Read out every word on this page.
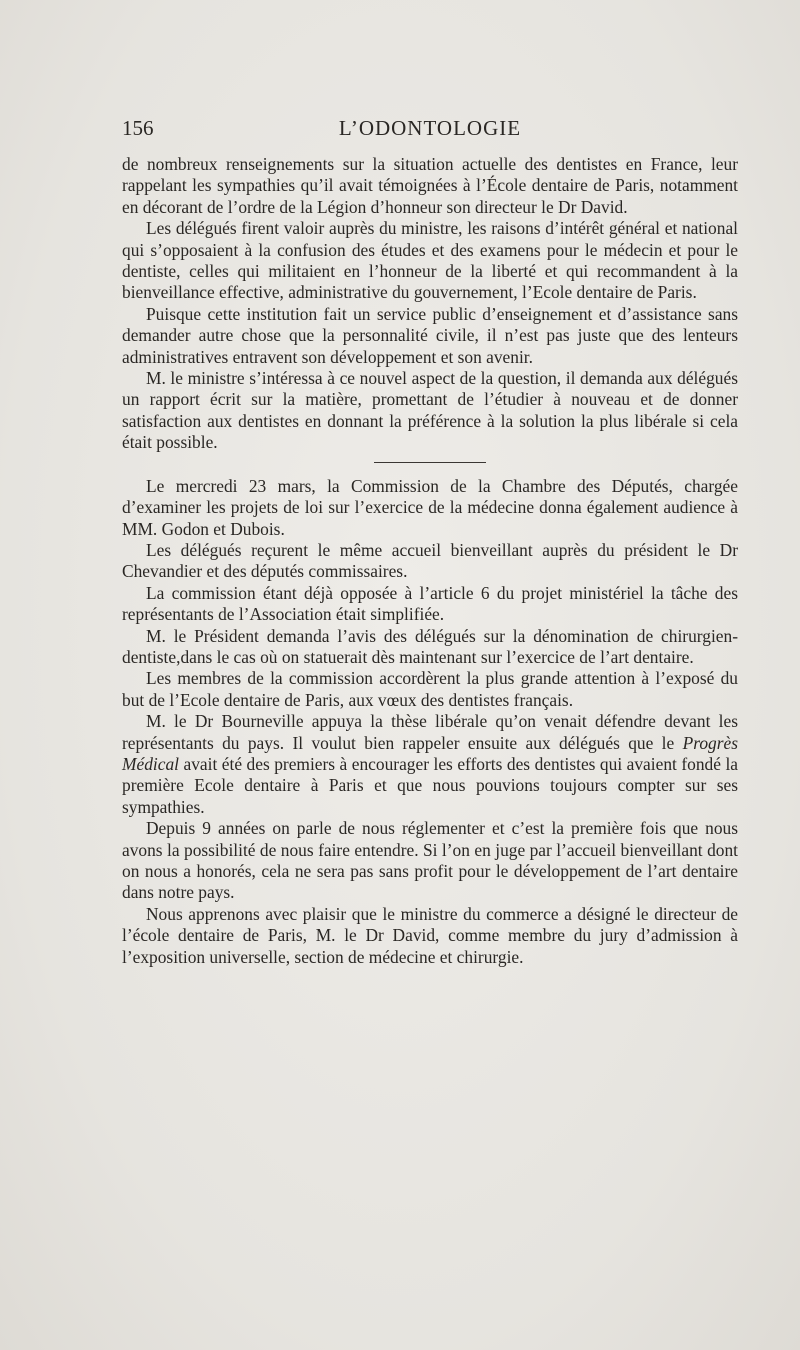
156	L’ODONTOLOGIE

de nombreux renseignements sur la situation actuelle des dentistes en France, leur rappelant les sympathies qu’il avait témoignées à l’École dentaire de Paris, notamment en décorant de l’ordre de la Légion d’honneur son directeur le Dr David.

Les délégués firent valoir auprès du ministre, les raisons d’intérêt général et national qui s’opposaient à la confusion des études et des examens pour le médecin et pour le dentiste, celles qui militaient en l’honneur de la liberté et qui recommandent à la bienveillance effective, administrative du gouvernement, l’Ecole dentaire de Paris.

Puisque cette institution fait un service public d’enseignement et d’assistance sans demander autre chose que la personnalité civile, il n’est pas juste que des lenteurs administratives entravent son développement et son avenir.

M. le ministre s’intéressa à ce nouvel aspect de la question, il demanda aux délégués un rapport écrit sur la matière, promettant de l’étudier à nouveau et de donner satisfaction aux dentistes en donnant la préférence à la solution la plus libérale si cela était possible.

Le mercredi 23 mars, la Commission de la Chambre des Députés, chargée d’examiner les projets de loi sur l’exercice de la médecine donna également audience à MM. Godon et Dubois.

Les délégués reçurent le même accueil bienveillant auprès du président le Dr Chevandier et des députés commissaires.

La commission étant déjà opposée à l’article 6 du projet ministériel la tâche des représentants de l’Association était simplifiée.

M. le Président demanda l’avis des délégués sur la dénomination de chirurgien-dentiste,dans le cas où on statuerait dès maintenant sur l’exercice de l’art dentaire.

Les membres de la commission accordèrent la plus grande attention à l’exposé du but de l’Ecole dentaire de Paris, aux vœux des dentistes français.

M. le Dr Bourneville appuya la thèse libérale qu’on venait défendre devant les représentants du pays. Il voulut bien rappeler ensuite aux délégués que le Progrès Médical avait été des premiers à encourager les efforts des dentistes qui avaient fondé la première Ecole dentaire à Paris et que nous pouvions toujours compter sur ses sympathies.

Depuis 9 années on parle de nous réglementer et c’est la première fois que nous avons la possibilité de nous faire entendre. Si l’on en juge par l’accueil bienveillant dont on nous a honorés, cela ne sera pas sans profit pour le développement de l’art dentaire dans notre pays.

Nous apprenons avec plaisir que le ministre du commerce a désigné le directeur de l’école dentaire de Paris, M. le Dr David, comme membre du jury d’admission à l’exposition universelle, section de médecine et chirurgie.
